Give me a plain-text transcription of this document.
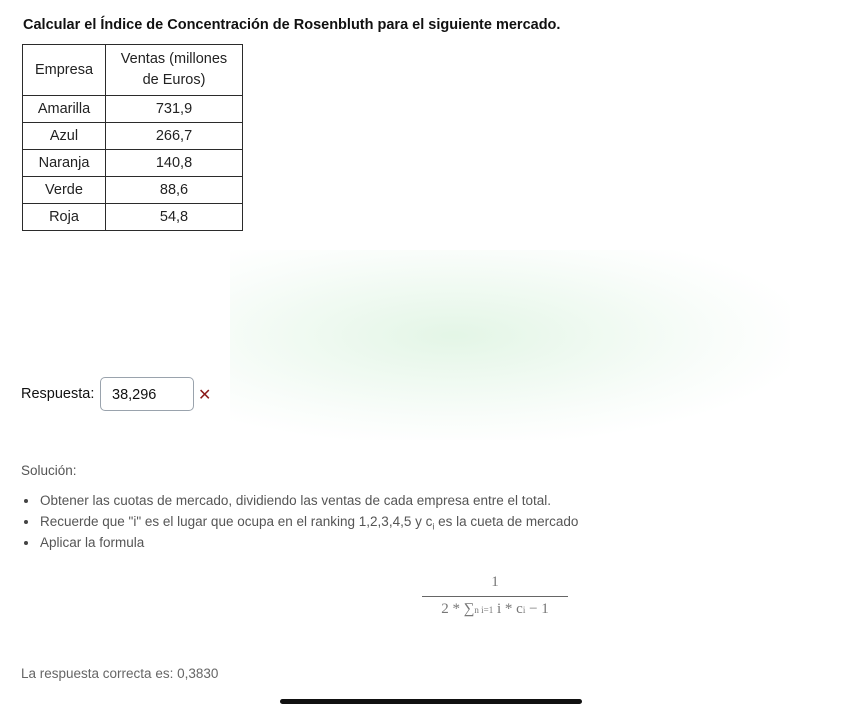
Calcular el Índice de Concentración de Rosenbluth para el siguiente mercado.
Empresa	Ventas (millones
de Euros)
Amarilla	731,9
Azul	266,7
Naranja	140,8
Verde	88,6
Roja	54,8
Respuesta:	38,296	✕
Solución:
Obtener las cuotas de mercado, dividiendo las ventas de cada empresa entre el total.
Recuerde que "i" es el lugar que ocupa en el ranking 1,2,3,4,5 y $c_i$ es la cueta de mercado
Aplicar la formula
1
2 * ∑n i=1 i * ci − 1
La respuesta correcta es: 0,3830
